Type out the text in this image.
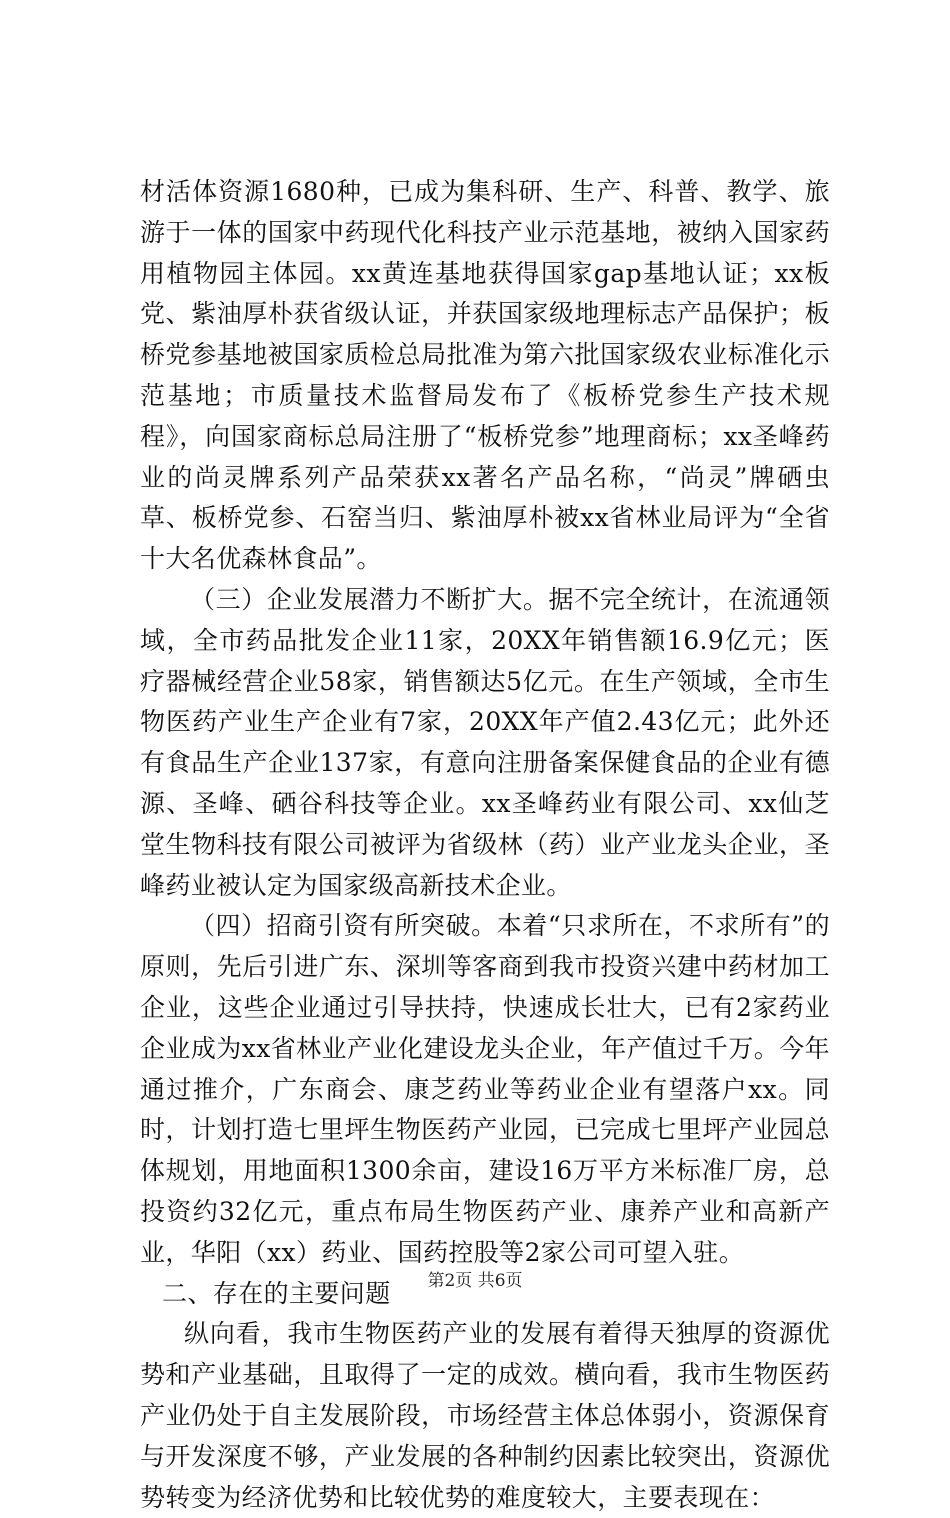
材活体资源1680种，已成为集科研、生产、科普、教学、旅游于一体的国家中药现代化科技产业示范基地，被纳入国家药用植物园主体园。xx黄连基地获得国家gap基地认证；xx板党、紫油厚朴获省级认证，并获国家级地理标志产品保护；板桥党参基地被国家质检总局批准为第六批国家级农业标准化示范基地；市质量技术监督局发布了《板桥党参生产技术规程》，向国家商标总局注册了“板桥党参”地理商标；xx圣峰药业的尚灵牌系列产品荣获xx著名产品名称，“尚灵”牌硒虫草、板桥党参、石窑当归、紫油厚朴被xx省林业局评为“全省十大名优森林食品”。

（三）企业发展潜力不断扩大。据不完全统计，在流通领域，全市药品批发企业11家，20XX年销售额16.9亿元；医疗器械经营企业58家，销售额达5亿元。在生产领域，全市生物医药产业生产企业有7家，20XX年产值2.43亿元；此外还有食品生产企业137家，有意向注册备案保健食品的企业有德源、圣峰、硒谷科技等企业。xx圣峰药业有限公司、xx仙芝堂生物科技有限公司被评为省级林（药）业产业龙头企业，圣峰药业被认定为国家级高新技术企业。

（四）招商引资有所突破。本着“只求所在，不求所有”的原则，先后引进广东、深圳等客商到我市投资兴建中药材加工企业，这些企业通过引导扶持，快速成长壮大，已有2家药业企业成为xx省林业产业化建设龙头企业，年产值过千万。今年通过推介，广东商会、康芝药业等药业企业有望落户xx。同时，计划打造七里坪生物医药产业园，已完成七里坪产业园总体规划，用地面积1300余亩，建设16万平方米标准厂房，总投资约32亿元，重点布局生物医药产业、康养产业和高新产业，华阳（xx）药业、国药控股等2家公司可望入驻。

二、存在的主要问题

纵向看，我市生物医药产业的发展有着得天独厚的资源优势和产业基础，且取得了一定的成效。横向看，我市生物医药产业仍处于自主发展阶段，市场经营主体总体弱小，资源保育与开发深度不够，产业发展的各种制约因素比较突出，资源优势转变为经济优势和比较优势的难度较大，主要表现在：

第2页 共6页
